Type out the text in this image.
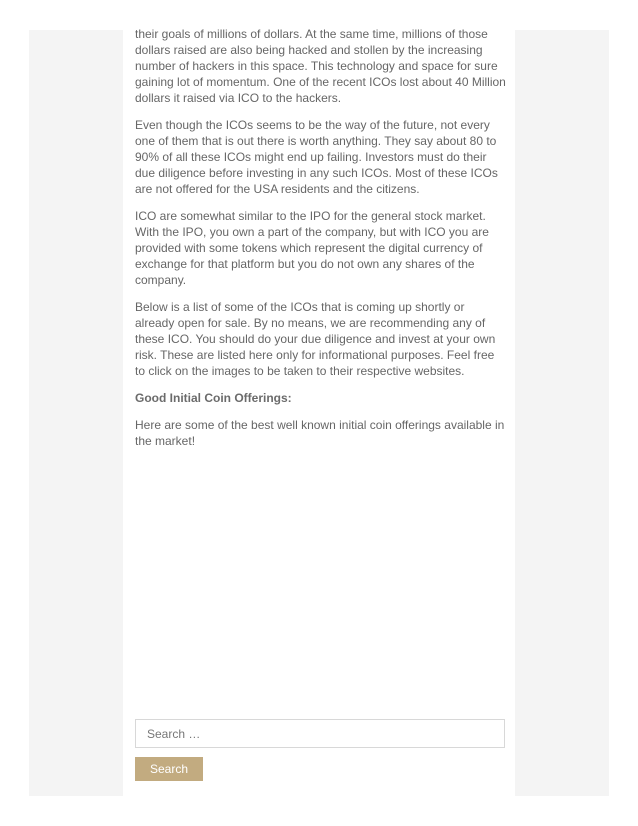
their goals of millions of dollars. At the same time, millions of those dollars raised are also being hacked and stollen by the increasing number of hackers in this space. This technology and space for sure gaining lot of momentum. One of the recent ICOs lost about 40 Million dollars it raised via ICO to the hackers.

Even though the ICOs seems to be the way of the future, not every one of them that is out there is worth anything. They say about 80 to 90% of all these ICOs might end up failing. Investors must do their due diligence before investing in any such ICOs. Most of these ICOs are not offered for the USA residents and the citizens.

ICO are somewhat similar to the IPO for the general stock market. With the IPO, you own a part of the company, but with ICO you are provided with some tokens which represent the digital currency of exchange for that platform but you do not own any shares of the company.

Below is a list of some of the ICOs that is coming up shortly or already open for sale. By no means, we are recommending any of these ICO. You should do your due diligence and invest at your own risk. These are listed here only for informational purposes. Feel free to click on the images to be taken to their respective websites.

Good Initial Coin Offerings:

Here are some of the best well known initial coin offerings available in the market!

Search …
Search
